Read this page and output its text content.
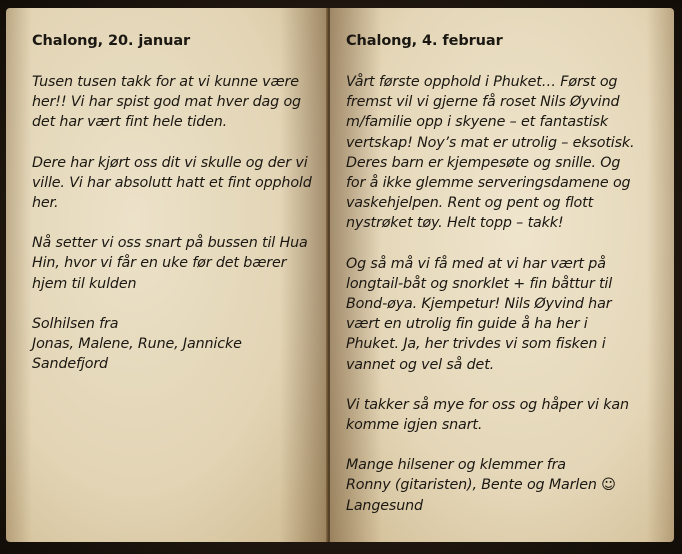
Chalong, 20. januar
Tusen tusen takk for at vi kunne være
her!! Vi har spist god mat hver dag og
det har vært fint hele tiden.
Dere har kjørt oss dit vi skulle og der vi
ville. Vi har absolutt hatt et fint opphold
her.
Nå setter vi oss snart på bussen til Hua
Hin, hvor vi får en uke før det bærer
hjem til kulden
Solhilsen fra
Jonas, Malene, Rune, Jannicke
Sandefjord
Chalong, 4. februar
Vårt første opphold i Phuket… Først og
fremst vil vi gjerne få roset Nils Øyvind
m/familie opp i skyene – et fantastisk
vertskap! Noy’s mat er utrolig – eksotisk.
Deres barn er kjempesøte og snille. Og
for å ikke glemme serveringsdamene og
vaskehjelpen. Rent og pent og flott
nystrøket tøy. Helt topp – takk!
Og så må vi få med at vi har vært på
longtail-båt og snorklet + fin båttur til
Bond-øya. Kjempetur! Nils Øyvind har
vært en utrolig fin guide å ha her i
Phuket. Ja, her trivdes vi som fisken i
vannet og vel så det.
Vi takker så mye for oss og håper vi kan
komme igjen snart.
Mange hilsener og klemmer fra
Ronny (gitaristen), Bente og Marlen ☺
Langesund
